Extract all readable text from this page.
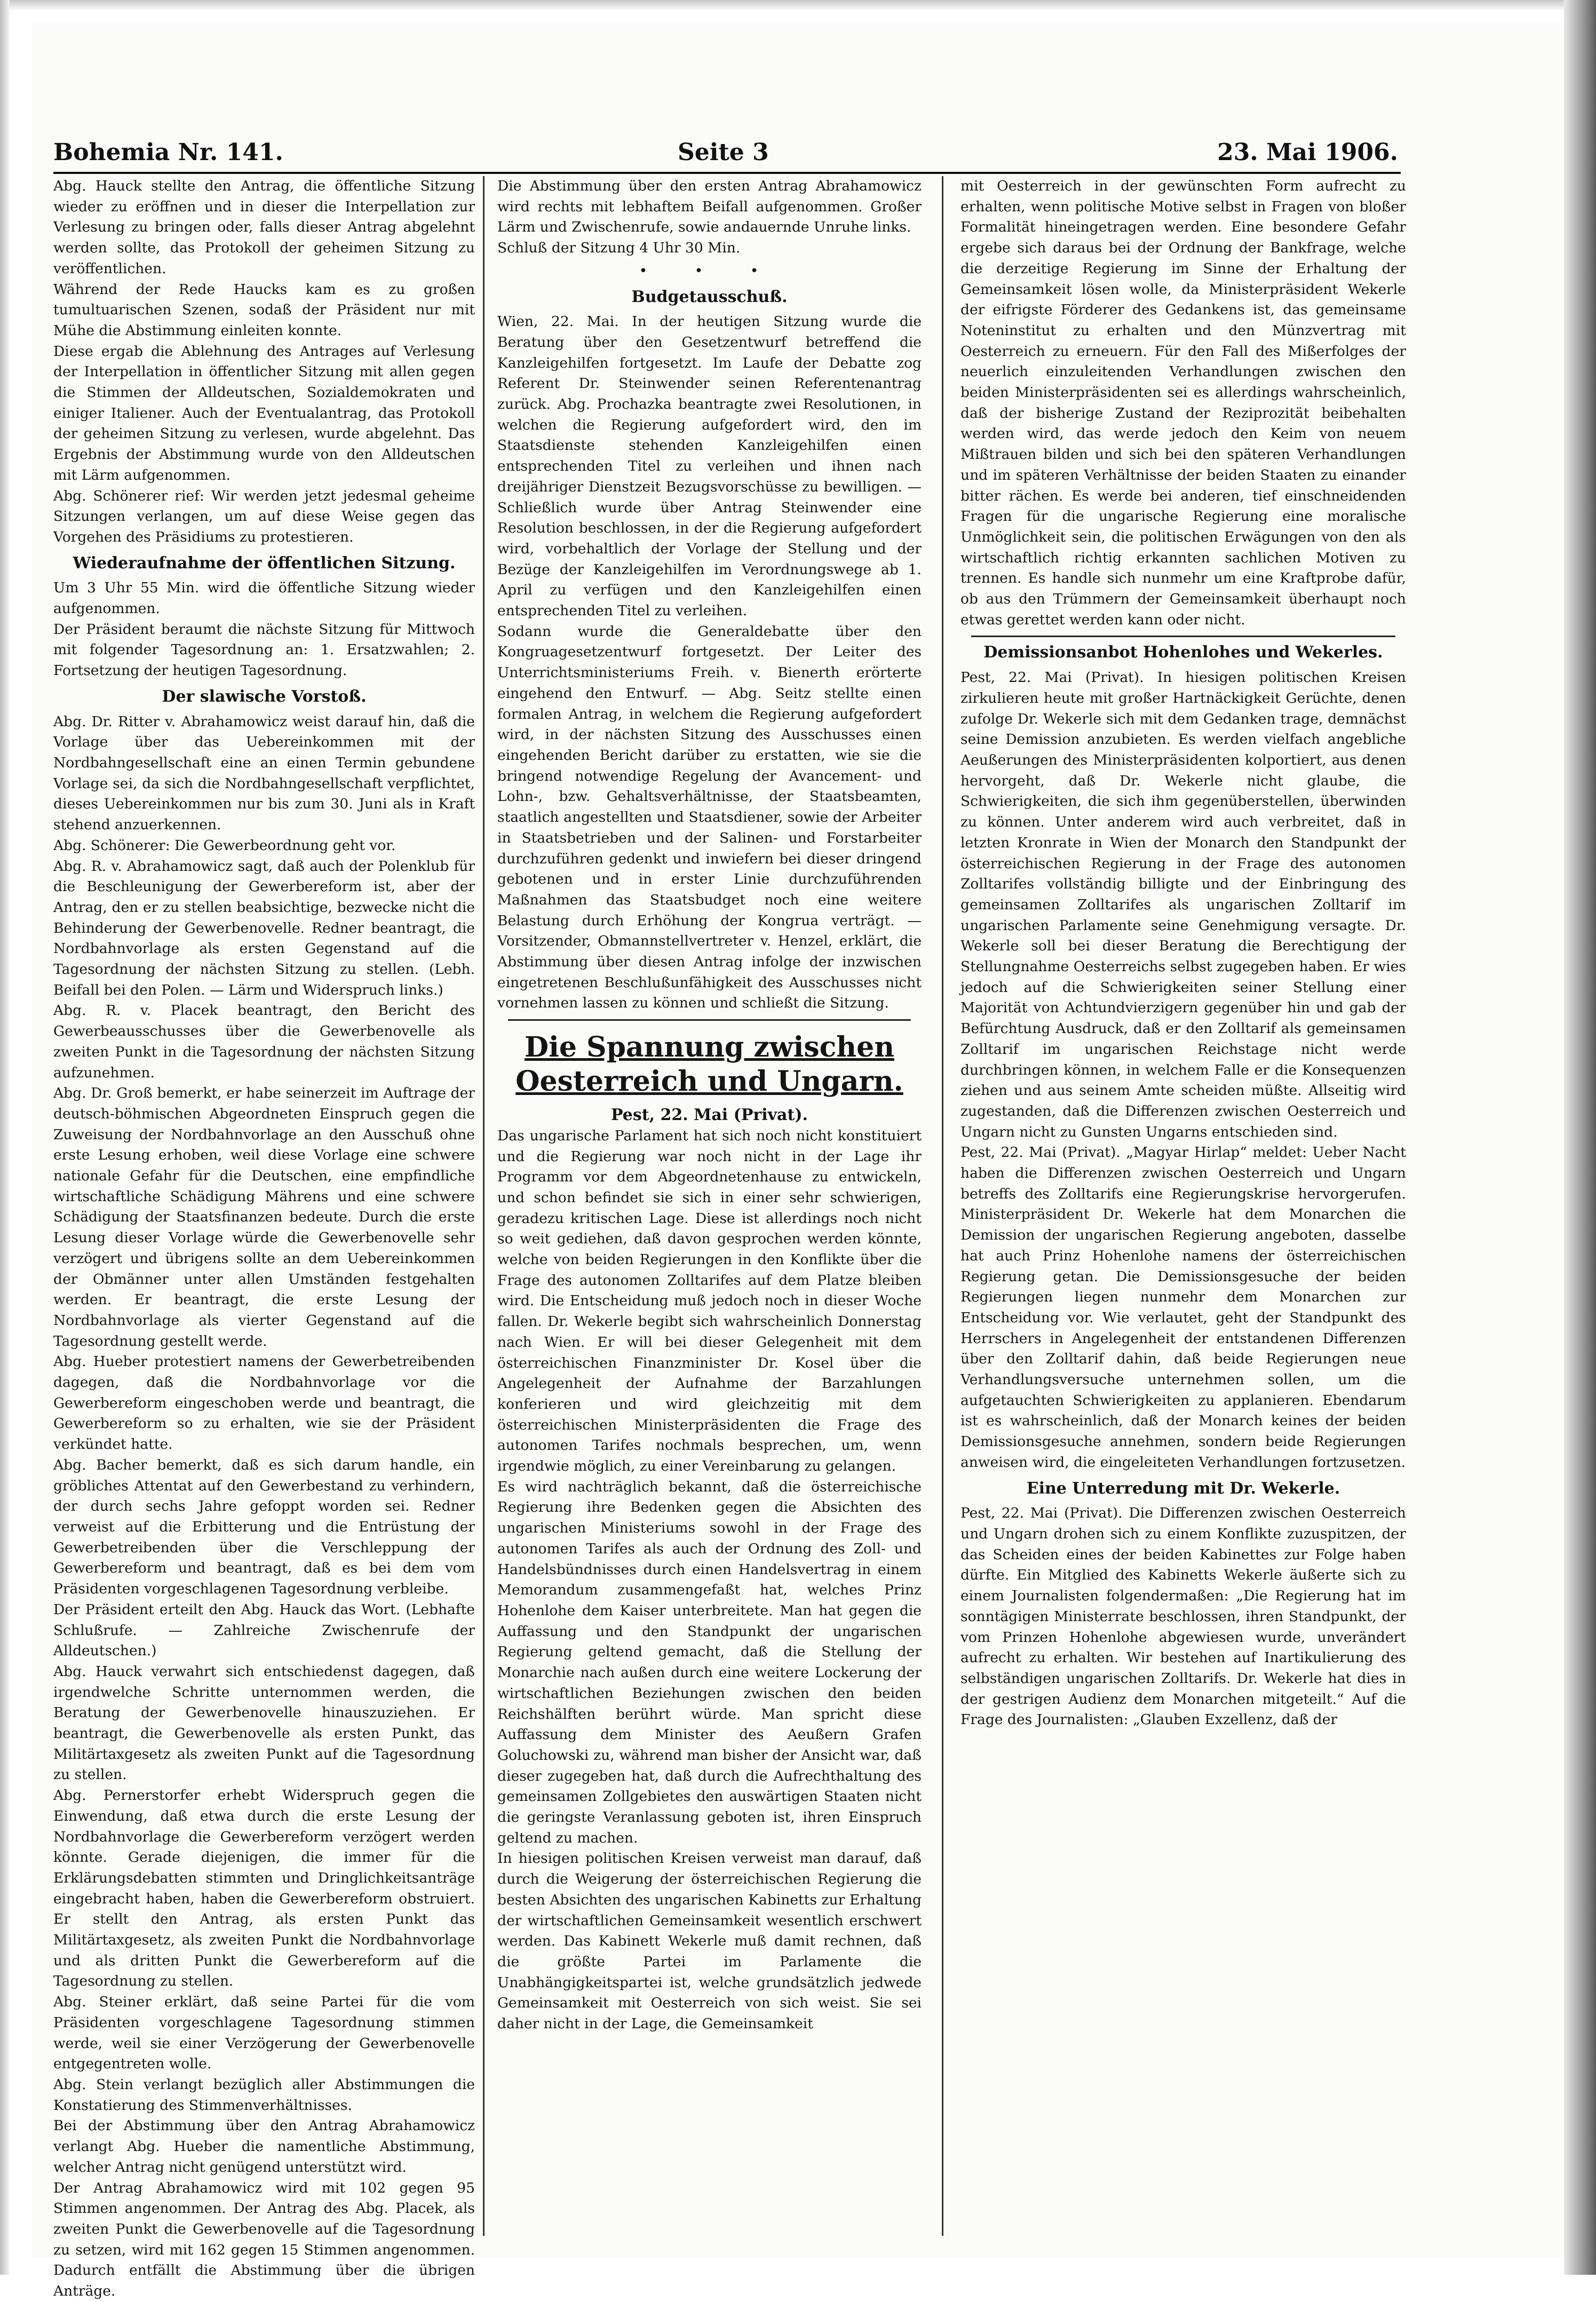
Bohemia Nr. 141.	Seite 3	23. Mai 1906.

Abg. Hauck stellte den Antrag, die öffentliche Sitzung wieder zu eröffnen und in dieser die Interpellation zur Verlesung zu bringen oder, falls dieser Antrag abgelehnt werden sollte, das Protokoll der geheimen Sitzung zu veröffentlichen.

Während der Rede Haucks kam es zu großen tumultuarischen Szenen, sodaß der Präsident nur mit Mühe die Abstimmung einleiten konnte.

Diese ergab die Ablehnung des Antrages auf Verlesung der Interpellation in öffentlicher Sitzung mit allen gegen die Stimmen der Alldeutschen, Sozialdemokraten und einiger Italiener. Auch der Eventualantrag, das Protokoll der geheimen Sitzung zu verlesen, wurde abgelehnt. Das Ergebnis der Abstimmung wurde von den Alldeutschen mit Lärm aufgenommen.

Abg. Schönerer rief: Wir werden jetzt jedesmal geheime Sitzungen verlangen, um auf diese Weise gegen das Vorgehen des Präsidiums zu protestieren.

Wiederaufnahme der öffentlichen Sitzung.

Um 3 Uhr 55 Min. wird die öffentliche Sitzung wieder aufgenommen.

Der Präsident beraumt die nächste Sitzung für Mittwoch mit folgender Tagesordnung an: 1. Ersatzwahlen; 2. Fortsetzung der heutigen Tagesordnung.

Der slawische Vorstoß.

Abg. Dr. Ritter v. Abrahamowicz weist darauf hin, daß die Vorlage über das Uebereinkommen mit der Nordbahngesellschaft eine an einen Termin gebundene Vorlage sei, da sich die Nordbahngesellschaft verpflichtet, dieses Uebereinkommen nur bis zum 30. Juni als in Kraft stehend anzuerkennen.

Abg. Schönerer: Die Gewerbeordnung geht vor.

Abg. R. v. Abrahamowicz sagt, daß auch der Polenklub für die Beschleunigung der Gewerbereform ist, aber der Antrag, den er zu stellen beabsichtige, bezwecke nicht die Behinderung der Gewerbenovelle. Redner beantragt, die Nordbahnvorlage als ersten Gegenstand auf die Tagesordnung der nächsten Sitzung zu stellen. (Lebh. Beifall bei den Polen. — Lärm und Widerspruch links.)

Abg. R. v. Placek beantragt, den Bericht des Gewerbeausschusses über die Gewerbenovelle als zweiten Punkt in die Tagesordnung der nächsten Sitzung aufzunehmen.

Abg. Dr. Groß bemerkt, er habe seinerzeit im Auftrage der deutsch-böhmischen Abgeordneten Einspruch gegen die Zuweisung der Nordbahnvorlage an den Ausschuß ohne erste Lesung erhoben, weil diese Vorlage eine schwere nationale Gefahr für die Deutschen, eine empfindliche wirtschaftliche Schädigung Mährens und eine schwere Schädigung der Staatsfinanzen bedeute. Durch die erste Lesung dieser Vorlage würde die Gewerbenovelle sehr verzögert und übrigens sollte an dem Uebereinkommen der Obmänner unter allen Umständen festgehalten werden. Er beantragt, die erste Lesung der Nordbahnvorlage als vierter Gegenstand auf die Tagesordnung gestellt werde.

Abg. Hueber protestiert namens der Gewerbetreibenden dagegen, daß die Nordbahnvorlage vor die Gewerbereform eingeschoben werde und beantragt, die Gewerbereform so zu erhalten, wie sie der Präsident verkündet hatte.

Abg. Bacher bemerkt, daß es sich darum handle, ein gröbliches Attentat auf den Gewerbestand zu verhindern, der durch sechs Jahre gefoppt worden sei. Redner verweist auf die Erbitterung und die Entrüstung der Gewerbetreibenden über die Verschleppung der Gewerbereform und beantragt, daß es bei dem vom Präsidenten vorgeschlagenen Tagesordnung verbleibe.

Der Präsident erteilt den Abg. Hauck das Wort. (Lebhafte Schlußrufe. — Zahlreiche Zwischenrufe der Alldeutschen.)

Abg. Hauck verwahrt sich entschiedenst dagegen, daß irgendwelche Schritte unternommen werden, die Beratung der Gewerbenovelle hinauszuziehen. Er beantragt, die Gewerbenovelle als ersten Punkt, das Militärtaxgesetz als zweiten Punkt auf die Tagesordnung zu stellen.

Abg. Pernerstorfer erhebt Widerspruch gegen die Einwendung, daß etwa durch die erste Lesung der Nordbahnvorlage die Gewerbereform verzögert werden könnte. Gerade diejenigen, die immer für die Erklärungsdebatten stimmten und Dringlichkeitsanträge eingebracht haben, haben die Gewerbereform obstruiert. Er stellt den Antrag, als ersten Punkt das Militärtaxgesetz, als zweiten Punkt die Nordbahnvorlage und als dritten Punkt die Gewerbereform auf die Tagesordnung zu stellen.

Abg. Steiner erklärt, daß seine Partei für die vom Präsidenten vorgeschlagene Tagesordnung stimmen werde, weil sie einer Verzögerung der Gewerbenovelle entgegentreten wolle.

Abg. Stein verlangt bezüglich aller Abstimmungen die Konstatierung des Stimmenverhältnisses.

Bei der Abstimmung über den Antrag Abrahamowicz verlangt Abg. Hueber die namentliche Abstimmung, welcher Antrag nicht genügend unterstützt wird.

Der Antrag Abrahamowicz wird mit 102 gegen 95 Stimmen angenommen. Der Antrag des Abg. Placek, als zweiten Punkt die Gewerbenovelle auf die Tagesordnung zu setzen, wird mit 162 gegen 15 Stimmen angenommen. Dadurch entfällt die Abstimmung über die übrigen Anträge.

Die Abstimmung über den ersten Antrag Abrahamowicz wird rechts mit lebhaftem Beifall aufgenommen. Großer Lärm und Zwischenrufe, sowie andauernde Unruhe links.

Schluß der Sitzung 4 Uhr 30 Min.

• • •
Budgetausschuß.

Wien, 22. Mai. In der heutigen Sitzung wurde die Beratung über den Gesetzentwurf betreffend die Kanzleigehilfen fortgesetzt. Im Laufe der Debatte zog Referent Dr. Steinwender seinen Referentenantrag zurück. Abg. Prochazka beantragte zwei Resolutionen, in welchen die Regierung aufgefordert wird, den im Staatsdienste stehenden Kanzleigehilfen einen entsprechenden Titel zu verleihen und ihnen nach dreijähriger Dienstzeit Bezugsvorschüsse zu bewilligen. — Schließlich wurde über Antrag Steinwender eine Resolution beschlossen, in der die Regierung aufgefordert wird, vorbehaltlich der Vorlage der Stellung und der Bezüge der Kanzleigehilfen im Verordnungswege ab 1. April zu verfügen und den Kanzleigehilfen einen entsprechenden Titel zu verleihen.

Sodann wurde die Generaldebatte über den Kongruagesetzentwurf fortgesetzt. Der Leiter des Unterrichtsministeriums Freih. v. Bienerth erörterte eingehend den Entwurf. — Abg. Seitz stellte einen formalen Antrag, in welchem die Regierung aufgefordert wird, in der nächsten Sitzung des Ausschusses einen eingehenden Bericht darüber zu erstatten, wie sie die bringend notwendige Regelung der Avancement- und Lohn-, bzw. Gehaltsverhältnisse, der Staatsbeamten, staatlich angestellten und Staatsdiener, sowie der Arbeiter in Staatsbetrieben und der Salinen- und Forstarbeiter durchzuführen gedenkt und inwiefern bei dieser dringend gebotenen und in erster Linie durchzuführenden Maßnahmen das Staatsbudget noch eine weitere Belastung durch Erhöhung der Kongrua verträgt. — Vorsitzender, Obmannstellvertreter v. Henzel, erklärt, die Abstimmung über diesen Antrag infolge der inzwischen eingetretenen Beschlußunfähigkeit des Ausschusses nicht vornehmen lassen zu können und schließt die Sitzung.

Die Spannung zwischen Oesterreich und Ungarn.

Pest, 22. Mai (Privat).

Das ungarische Parlament hat sich noch nicht konstituiert und die Regierung war noch nicht in der Lage ihr Programm vor dem Abgeordnetenhause zu entwickeln, und schon befindet sie sich in einer sehr schwierigen, geradezu kritischen Lage. Diese ist allerdings noch nicht so weit gediehen, daß davon gesprochen werden könnte, welche von beiden Regierungen in den Konflikte über die Frage des autonomen Zolltarifes auf dem Platze bleiben wird. Die Entscheidung muß jedoch noch in dieser Woche fallen. Dr. Wekerle begibt sich wahrscheinlich Donnerstag nach Wien. Er will bei dieser Gelegenheit mit dem österreichischen Finanzminister Dr. Kosel über die Angelegenheit der Aufnahme der Barzahlungen konferieren und wird gleichzeitig mit dem österreichischen Ministerpräsidenten die Frage des autonomen Tarifes nochmals besprechen, um, wenn irgendwie möglich, zu einer Vereinbarung zu gelangen.

Es wird nachträglich bekannt, daß die österreichische Regierung ihre Bedenken gegen die Absichten des ungarischen Ministeriums sowohl in der Frage des autonomen Tarifes als auch der Ordnung des Zoll- und Handelsbündnisses durch einen Handelsvertrag in einem Memorandum zusammengefaßt hat, welches Prinz Hohenlohe dem Kaiser unterbreitete. Man hat gegen die Auffassung und den Standpunkt der ungarischen Regierung geltend gemacht, daß die Stellung der Monarchie nach außen durch eine weitere Lockerung der wirtschaftlichen Beziehungen zwischen den beiden Reichshälften berührt würde. Man spricht diese Auffassung dem Minister des Aeußern Grafen Goluchowski zu, während man bisher der Ansicht war, daß dieser zugegeben hat, daß durch die Aufrechthaltung des gemeinsamen Zollgebietes den auswärtigen Staaten nicht die geringste Veranlassung geboten ist, ihren Einspruch geltend zu machen.

In hiesigen politischen Kreisen verweist man darauf, daß durch die Weigerung der österreichischen Regierung die besten Absichten des ungarischen Kabinetts zur Erhaltung der wirtschaftlichen Gemeinsamkeit wesentlich erschwert werden. Das Kabinett Wekerle muß damit rechnen, daß die größte Partei im Parlamente die Unabhängigkeitspartei ist, welche grundsätzlich jedwede Gemeinsamkeit mit Oesterreich von sich weist. Sie sei daher nicht in der Lage, die Gemeinsamkeit

mit Oesterreich in der gewünschten Form aufrecht zu erhalten, wenn politische Motive selbst in Fragen von bloßer Formalität hineingetragen werden. Eine besondere Gefahr ergebe sich daraus bei der Ordnung der Bankfrage, welche die derzeitige Regierung im Sinne der Erhaltung der Gemeinsamkeit lösen wolle, da Ministerpräsident Wekerle der eifrigste Förderer des Gedankens ist, das gemeinsame Noteninstitut zu erhalten und den Münzvertrag mit Oesterreich zu erneuern. Für den Fall des Mißerfolges der neuerlich einzuleitenden Verhandlungen zwischen den beiden Ministerpräsidenten sei es allerdings wahrscheinlich, daß der bisherige Zustand der Reziprozität beibehalten werden wird, das werde jedoch den Keim von neuem Mißtrauen bilden und sich bei den späteren Verhandlungen und im späteren Verhältnisse der beiden Staaten zu einander bitter rächen. Es werde bei anderen, tief einschneidenden Fragen für die ungarische Regierung eine moralische Unmöglichkeit sein, die politischen Erwägungen von den als wirtschaftlich richtig erkannten sachlichen Motiven zu trennen. Es handle sich nunmehr um eine Kraftprobe dafür, ob aus den Trümmern der Gemeinsamkeit überhaupt noch etwas gerettet werden kann oder nicht.

Demissionsanbot Hohenlohes und Wekerles.

Pest, 22. Mai (Privat). In hiesigen politischen Kreisen zirkulieren heute mit großer Hartnäckigkeit Gerüchte, denen zufolge Dr. Wekerle sich mit dem Gedanken trage, demnächst seine Demission anzubieten. Es werden vielfach angebliche Aeußerungen des Ministerpräsidenten kolportiert, aus denen hervorgeht, daß Dr. Wekerle nicht glaube, die Schwierigkeiten, die sich ihm gegenüberstellen, überwinden zu können. Unter anderem wird auch verbreitet, daß in letzten Kronrate in Wien der Monarch den Standpunkt der österreichischen Regierung in der Frage des autonomen Zolltarifes vollständig billigte und der Einbringung des gemeinsamen Zolltarifes als ungarischen Zolltarif im ungarischen Parlamente seine Genehmigung versagte. Dr. Wekerle soll bei dieser Beratung die Berechtigung der Stellungnahme Oesterreichs selbst zugegeben haben. Er wies jedoch auf die Schwierigkeiten seiner Stellung einer Majorität von Achtundvierzigern gegenüber hin und gab der Befürchtung Ausdruck, daß er den Zolltarif als gemeinsamen Zolltarif im ungarischen Reichstage nicht werde durchbringen können, in welchem Falle er die Konsequenzen ziehen und aus seinem Amte scheiden müßte. Allseitig wird zugestanden, daß die Differenzen zwischen Oesterreich und Ungarn nicht zu Gunsten Ungarns entschieden sind.

Pest, 22. Mai (Privat). „Magyar Hirlap“ meldet: Ueber Nacht haben die Differenzen zwischen Oesterreich und Ungarn betreffs des Zolltarifs eine Regierungskrise hervorgerufen. Ministerpräsident Dr. Wekerle hat dem Monarchen die Demission der ungarischen Regierung angeboten, dasselbe hat auch Prinz Hohenlohe namens der österreichischen Regierung getan. Die Demissionsgesuche der beiden Regierungen liegen nunmehr dem Monarchen zur Entscheidung vor. Wie verlautet, geht der Standpunkt des Herrschers in Angelegenheit der entstandenen Differenzen über den Zolltarif dahin, daß beide Regierungen neue Verhandlungsversuche unternehmen sollen, um die aufgetauchten Schwierigkeiten zu applanieren. Ebendarum ist es wahrscheinlich, daß der Monarch keines der beiden Demissionsgesuche annehmen, sondern beide Regierungen anweisen wird, die eingeleiteten Verhandlungen fortzusetzen.

Eine Unterredung mit Dr. Wekerle.

Pest, 22. Mai (Privat). Die Differenzen zwischen Oesterreich und Ungarn drohen sich zu einem Konflikte zuzuspitzen, der das Scheiden eines der beiden Kabinettes zur Folge haben dürfte. Ein Mitglied des Kabinetts Wekerle äußerte sich zu einem Journalisten folgendermaßen: „Die Regierung hat im sonntägigen Ministerrate beschlossen, ihren Standpunkt, der vom Prinzen Hohenlohe abgewiesen wurde, unverändert aufrecht zu erhalten. Wir bestehen auf Inartikulierung des selbständigen ungarischen Zolltarifs. Dr. Wekerle hat dies in der gestrigen Audienz dem Monarchen mitgeteilt.“ Auf die Frage des Journalisten: „Glauben Exzellenz, daß der
